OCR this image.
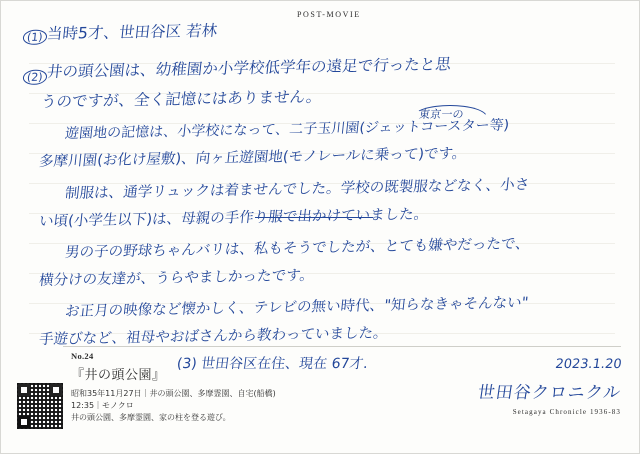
POST-MOVIE
(1)
(2)
当時5才、世田谷区 若林
井の頭公園は、幼稚園か小学校低学年の遠足で行ったと思
うのですが、全く記憶にはありません。
遊園地の記憶は、小学校になって、二子玉川園(ジェットコースター等)
多摩川園(お化け屋敷)、向ヶ丘遊園地(モノレールに乗って)です。
制服は、通学リュックは着ませんでした。学校の既製服などなく、小さ
い頃(小学生以下)は、母親の手作り服で出かけていました。
男の子の野球ちゃんバリは、私もそうでしたが、とても嫌やだったで、
横分けの友達が、うらやましかったです。
お正月の映像など懐かしく、テレビの無い時代、"知らなきゃそんない"
手遊びなど、祖母やおばさんから教わっていました。
東京一の
(3) 世田谷区在住、現在 67才.
No.24
『井の頭公園』
昭和35年11月27日｜井の頭公園、多摩霊園、自宅(船橋)
12:35｜モノクロ
井の頭公園、多摩霊園、家の柱を登る遊び。
2023.1.20
世田谷クロニクル
Setagaya Chronicle 1936-83
